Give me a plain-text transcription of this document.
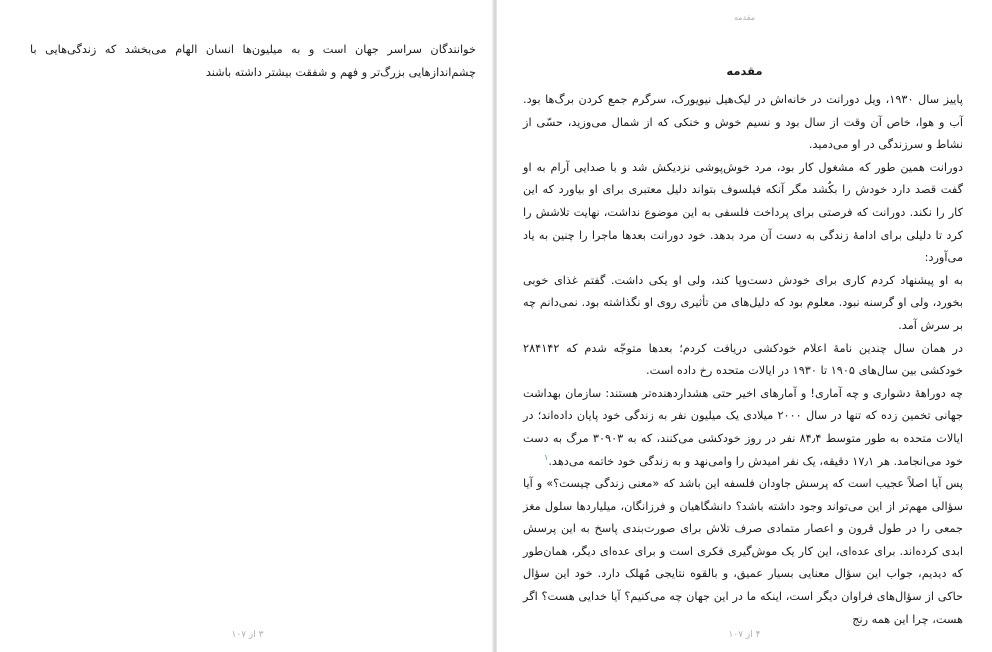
خوانندگان سراسر جهان است و به میلیون‌ها انسان الهام می‌بخشد که زندگی‌هایی با چشم‌اندازهایی بزرگ‌تر و فهم و شفقت بیشتر داشته باشند

۳ از ۱۰۷
مقدمه
مقدمه

پاییز سال ۱۹۳۰، ویل دورانت در خانه‌اش در لیک‌هیل نیویورک، سرگرم جمع کردن برگ‌ها بود. آب و هوا، خاص آن وقت از سال بود و نسیم خوش و خنکی که از شمال می‌وزید، حسّی از نشاط و سرزندگی در او می‌دمید.

دورانت همین طور که مشغول کار بود، مرد خوش‌پوشی نزدیکش شد و با صدایی آرام به او گفت قصد دارد خودش را بکُشد مگر آنکه فیلسوف بتواند دلیل معتبری برای او بیاورد که این کار را نکند. دورانت که فرصتی برای پرداخت فلسفی به این موضوع نداشت، نهایت تلاشش را کرد تا دلیلی برای ادامهٔ زندگی به دست آن مرد بدهد. خود دورانت بعدها ماجرا را چنین به یاد می‌آورد:

به او پیشنهاد کردم کاری برای خودش دست‌وپا کند، ولی او یکی داشت. گفتم غذای خوبی بخورد، ولی او گرسنه نبود. معلوم بود که دلیل‌های من تأثیری روی او نگذاشته بود. نمی‌دانم چه بر سرش آمد.

در همان سال چندین نامهٔ اعلام خودکشی دریافت کردم؛ بعدها متوجّه شدم که ۲۸۴۱۴۲ خودکشی بین سال‌های ۱۹۰۵ تا ۱۹۳۰ در ایالات متحده رخ داده است.

چه دوراهۀ دشواری و چه آماری! و آمارهای اخیر حتی هشداردهنده‌تر هستند: سازمان بهداشت جهانی تخمین زده که تنها در سال ۲۰۰۰ میلادی یک میلیون نفر به زندگی خود پایان داده‌اند؛ در ایالات متحده به طور متوسط ۸۴٫۴ نفر در روز خودکشی می‌کنند، که به ۳۰۹۰۳ مرگ به دست خود می‌انجامد. هر ۱۷٫۱ دقیقه، یک نفر امیدش را وامی‌نهد و به زندگی خود خاتمه می‌دهد.$^۱$

پس آیا اصلاً عجیب است که پرسش جاودان فلسفه این باشد که «معنی زندگی چیست؟» و آیا سؤالی مهم‌تر از این می‌تواند وجود داشته باشد؟ دانشگاهیان و فرزانگان، میلیاردها سلول مغز جمعی را در طول قرون و اعصار متمادی صرف تلاش برای صورت‌بندی پاسخ به این پرسش ابدی کرده‌اند. برای عده‌ای، این کار یک موش‌گیری فکری است و برای عده‌ای دیگر، همان‌طور که دیدیم، جواب این سؤال معنایی بسیار عمیق، و بالقوه نتایجی مُهلک دارد. خود این سؤال حاکی از سؤال‌های فراوان دیگر است، اینکه ما در این جهان چه می‌کنیم؟ آیا خدایی هست؟ اگر هست، چرا این همه رنج

۴ از ۱۰۷
